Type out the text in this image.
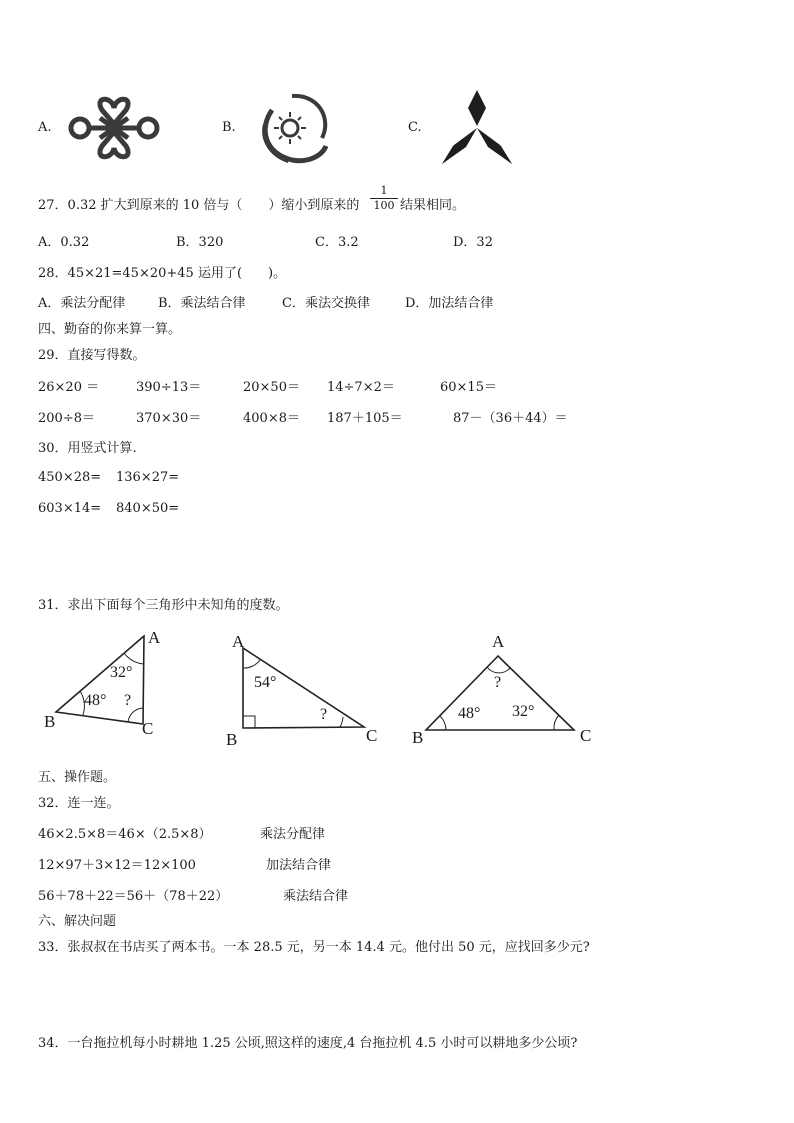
A.	B.	C.
27．0.32 扩大到原来的 10 倍与（　　）缩小到原来的 $\frac{1}{100}$ 结果相同。
A．0.32	B．320	C．3.2	D．32
28．45×21=45×20+45 运用了(　　)。
A．乘法分配律	B．乘法结合律	C．乘法交换律	D．加法结合律
四、勤奋的你来算一算。
29．直接写得数。
26×20 ＝	390÷13＝	20×50＝ 14÷7×2＝	60×15＝
200÷8＝	370×30＝	400×8＝ 187＋105＝	87－（36＋44）＝
30．用竖式计算.
450×28= 136×27=
603×14= 840×50=
31．求出下面每个三角形中未知角的度数。
A
B	C
32°
48° ?
A
B	C
54°
?
A
B	C
?
48° 32°
五、操作题。
32．连一连。
46×2.5×8＝46×（2.5×8）
12×97＋3×12＝12×100
56＋78＋22＝56＋（78＋22）
乘法分配律
加法结合律
乘法结合律
六、解决问题
33．张叔叔在书店买了两本书。一本 28.5 元，另一本 14.4 元。他付出 50 元，应找回多少元?
34．一台拖拉机每小时耕地 1.25 公顷,照这样的速度,4 台拖拉机 4.5 小时可以耕地多少公顷?
